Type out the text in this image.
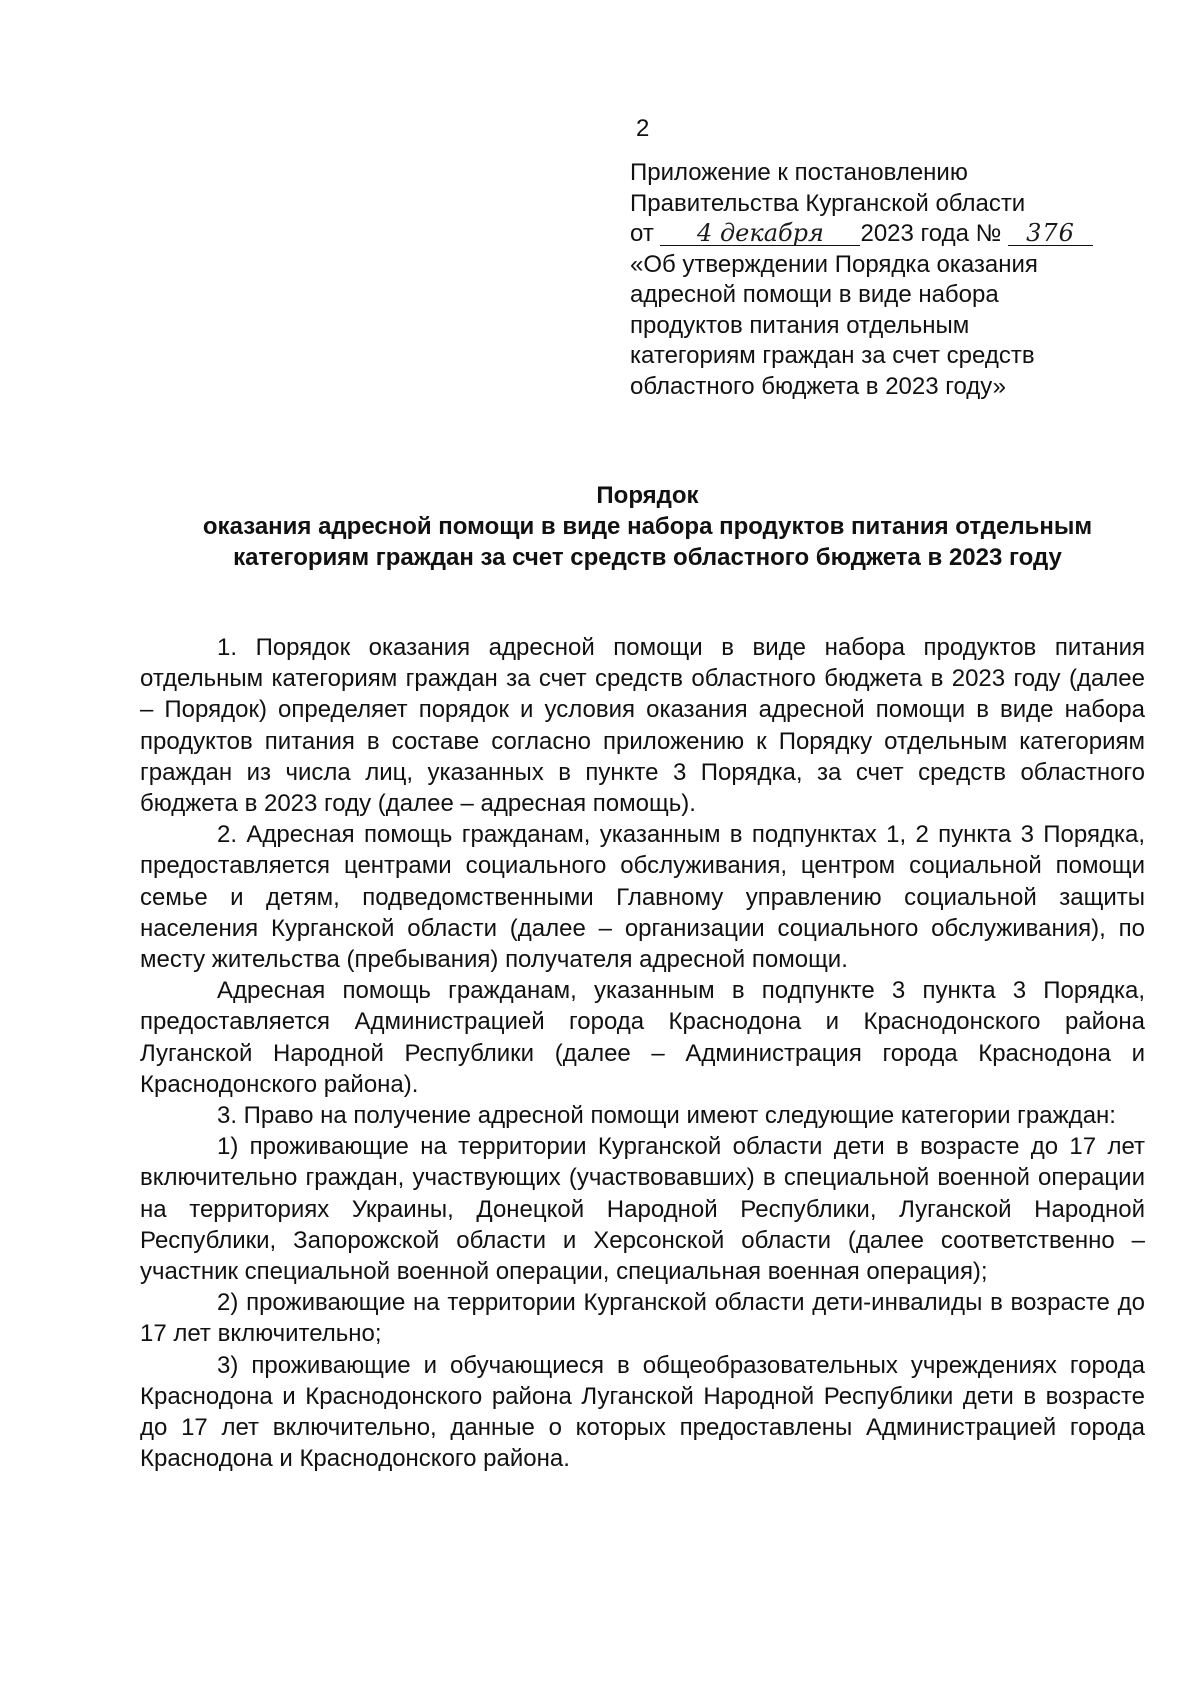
2
Приложение к постановлению
Правительства Курганской области
от 4 декабря 2023 года № 376
«Об утверждении Порядка оказания
адресной помощи в виде набора
продуктов питания отдельным
категориям граждан за счет средств
областного бюджета в 2023 году»
Порядок
оказания адресной помощи в виде набора продуктов питания отдельным
категориям граждан за счет средств областного бюджета в 2023 году

1. Порядок оказания адресной помощи в виде набора продуктов питания отдельным категориям граждан за счет средств областного бюджета в 2023 году (далее – Порядок) определяет порядок и условия оказания адресной помощи в виде набора продуктов питания в составе согласно приложению к Порядку отдельным категориям граждан из числа лиц, указанных в пункте 3 Порядка, за счет средств областного бюджета в 2023 году (далее – адресная помощь).

2. Адресная помощь гражданам, указанным в подпунктах 1, 2 пункта 3 Порядка, предоставляется центрами социального обслуживания, центром социальной помощи семье и детям, подведомственными Главному управлению социальной защиты населения Курганской области (далее – организации социального обслуживания), по месту жительства (пребывания) получателя адресной помощи.

Адресная помощь гражданам, указанным в подпункте 3 пункта 3 Порядка, предоставляется Администрацией города Краснодона и Краснодонского района Луганской Народной Республики (далее – Администрация города Краснодона и Краснодонского района).

3. Право на получение адресной помощи имеют следующие категории граждан:

1) проживающие на территории Курганской области дети в возрасте до 17 лет включительно граждан, участвующих (участвовавших) в специальной военной операции на территориях Украины, Донецкой Народной Республики, Луганской Народной Республики, Запорожской области и Херсонской области (далее соответственно – участник специальной военной операции, специальная военная операция);

2) проживающие на территории Курганской области дети-инвалиды в возрасте до 17 лет включительно;

3) проживающие и обучающиеся в общеобразовательных учреждениях города Краснодона и Краснодонского района Луганской Народной Республики дети в возрасте до 17 лет включительно, данные о которых предоставлены Администрацией города Краснодона и Краснодонского района.
